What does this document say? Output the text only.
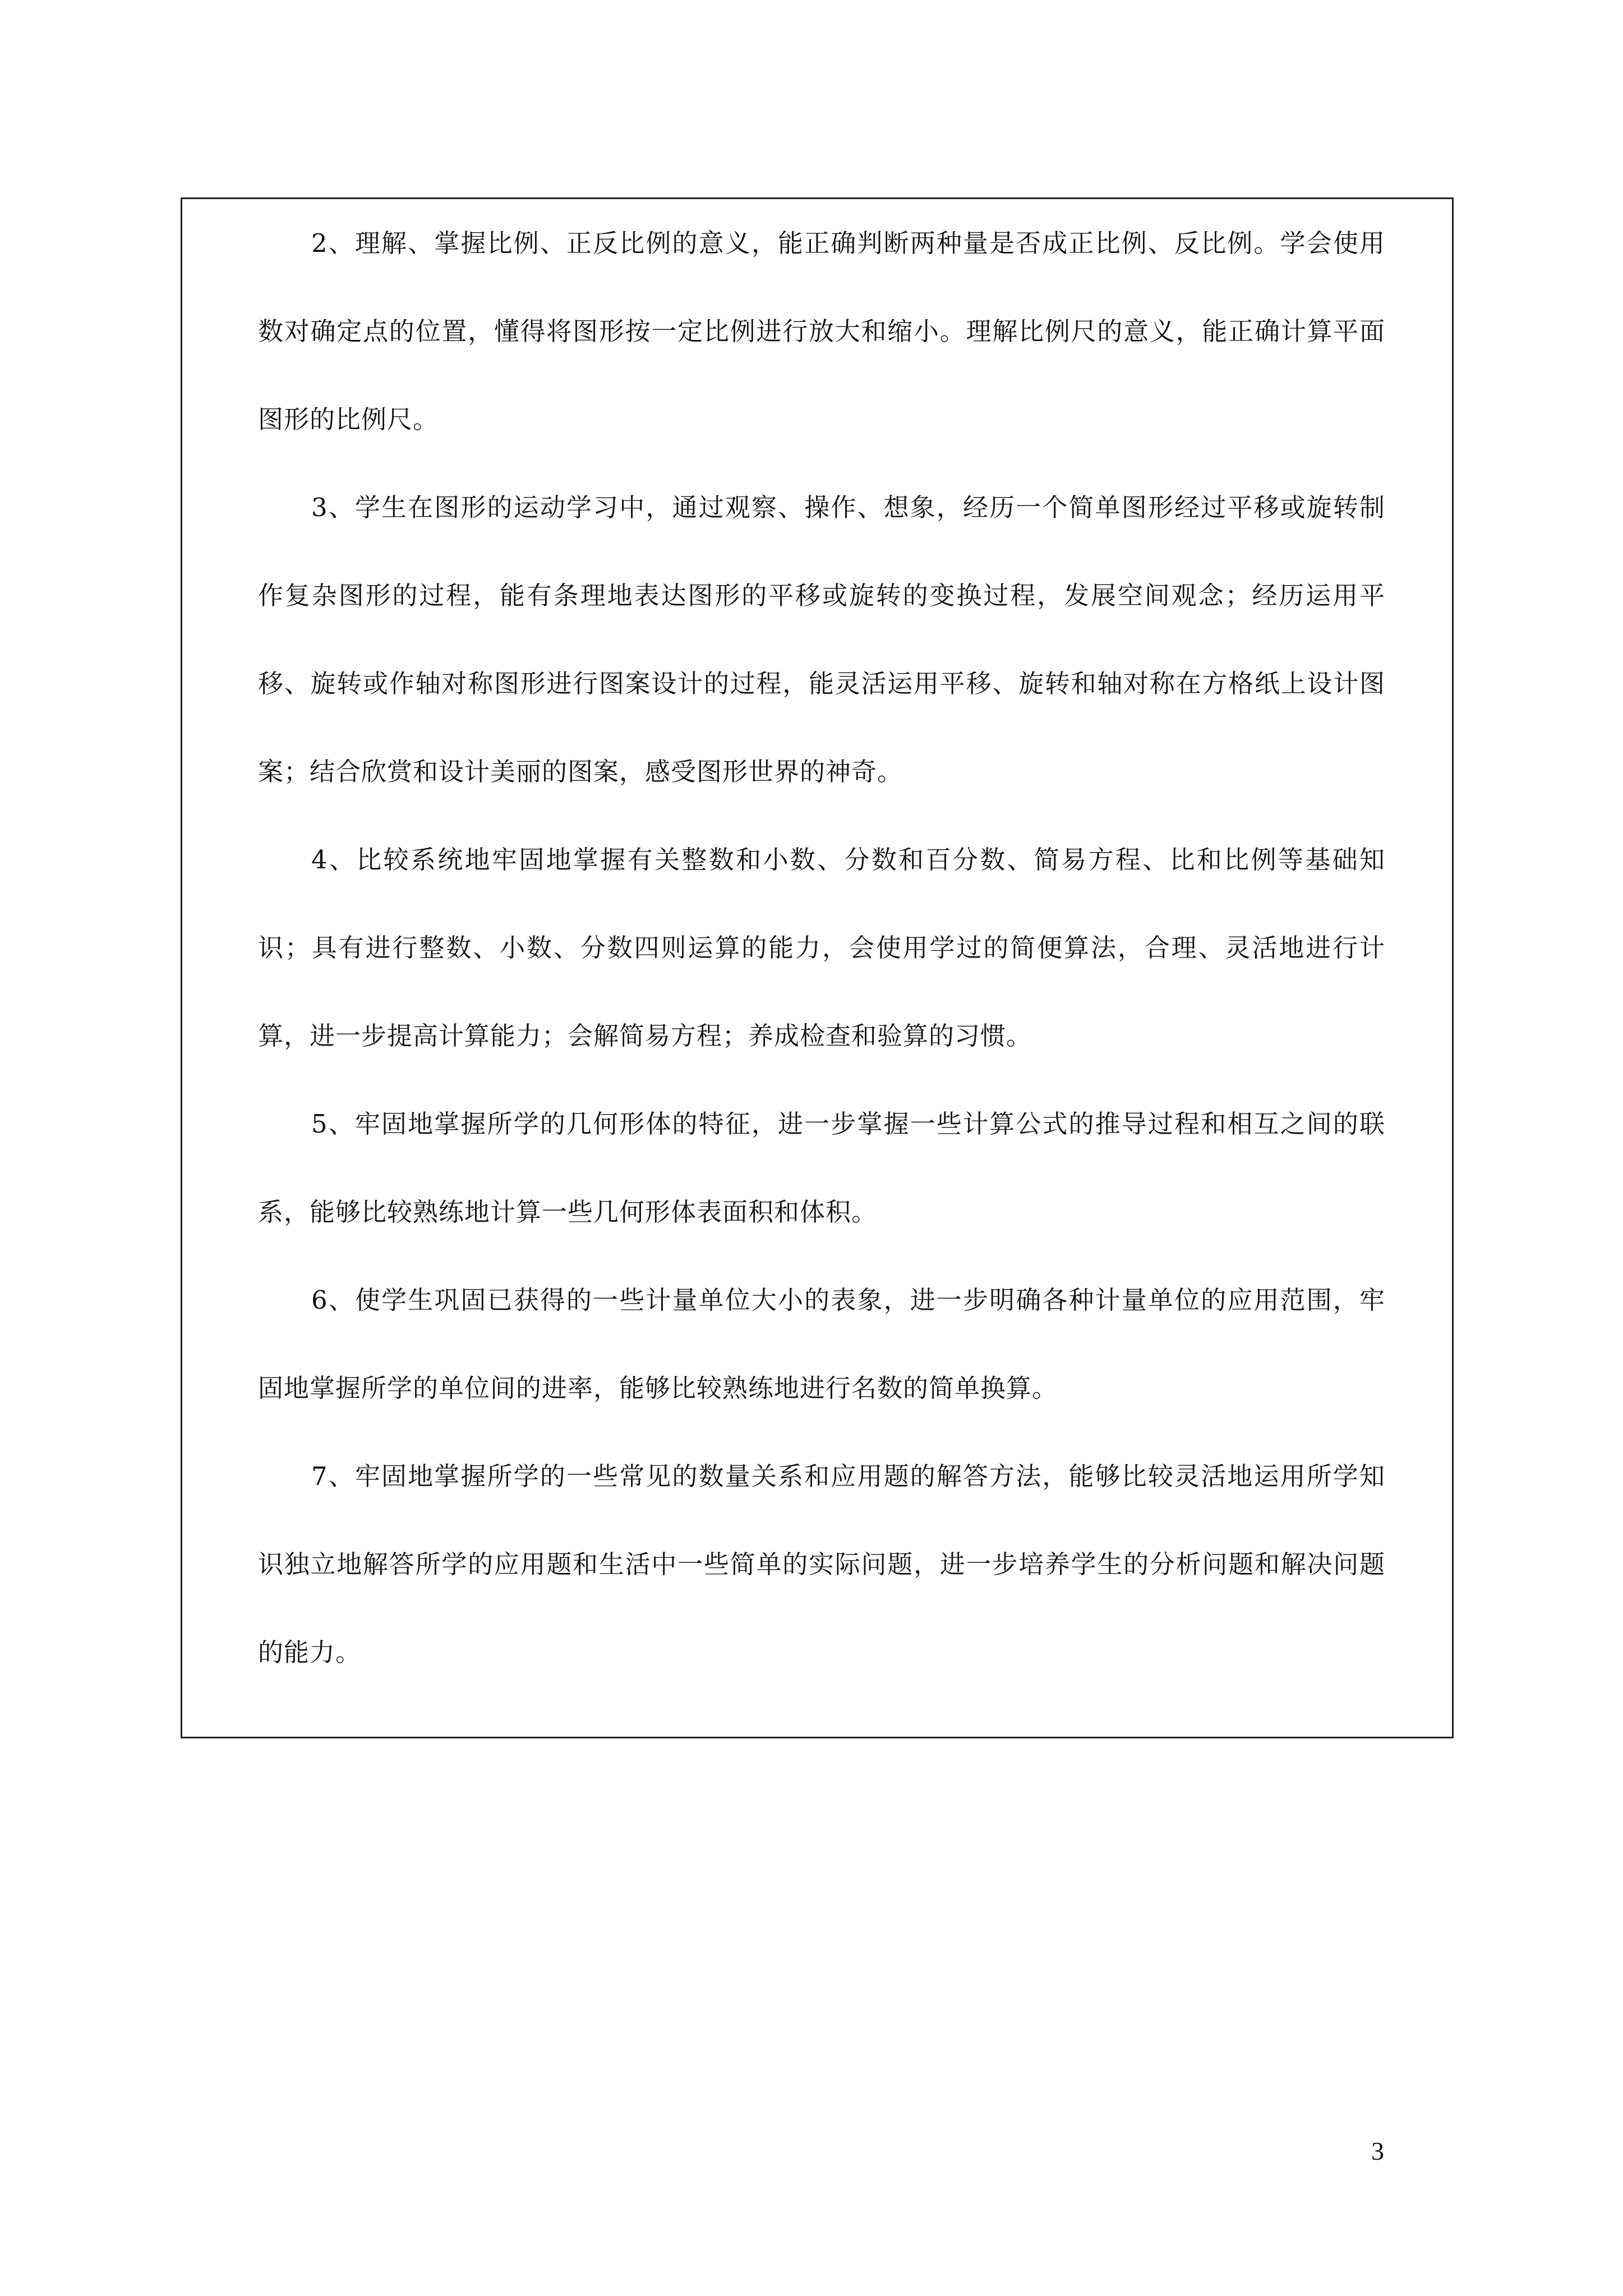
2、理解、掌握比例、正反比例的意义，能正确判断两种量是否成正比例、反比例。学会使用数对确定点的位置，懂得将图形按一定比例进行放大和缩小。理解比例尺的意义，能正确计算平面图形的比例尺。

3、学生在图形的运动学习中，通过观察、操作、想象，经历一个简单图形经过平移或旋转制作复杂图形的过程，能有条理地表达图形的平移或旋转的变换过程，发展空间观念；经历运用平移、旋转或作轴对称图形进行图案设计的过程，能灵活运用平移、旋转和轴对称在方格纸上设计图案；结合欣赏和设计美丽的图案，感受图形世界的神奇。

4、比较系统地牢固地掌握有关整数和小数、分数和百分数、简易方程、比和比例等基础知识；具有进行整数、小数、分数四则运算的能力，会使用学过的简便算法，合理、灵活地进行计算，进一步提高计算能力；会解简易方程；养成检查和验算的习惯。

5、牢固地掌握所学的几何形体的特征，进一步掌握一些计算公式的推导过程和相互之间的联系，能够比较熟练地计算一些几何形体表面积和体积。

6、使学生巩固已获得的一些计量单位大小的表象，进一步明确各种计量单位的应用范围，牢固地掌握所学的单位间的进率，能够比较熟练地进行名数的简单换算。

7、牢固地掌握所学的一些常见的数量关系和应用题的解答方法，能够比较灵活地运用所学知识独立地解答所学的应用题和生活中一些简单的实际问题，进一步培养学生的分析问题和解决问题的能力。

3
